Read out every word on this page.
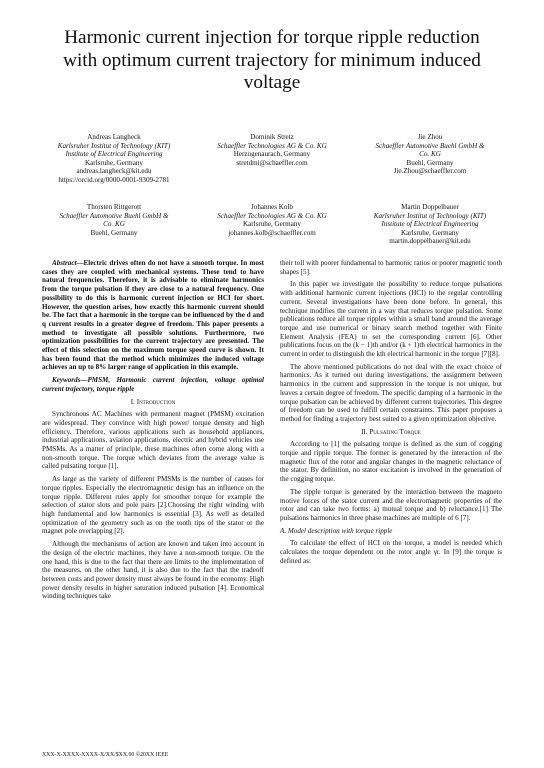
Harmonic current injection for torque ripple reduction with optimum current trajectory for minimum induced voltage
Andreas Langheck
Karlsruher Institut of Technology (KIT)
Institute of Electrical Engineering
Karlsruhe, Germany
andreas.langheck@kit.edu
https://orcid.org/0000-0001-9309-2781
Dominik Stretz
Schaeffler Technologies AG & Co. KG
Herzogenaurach, Germany
stretdmi@schaeffler.com
Jie Zhou
Schaeffler Automotive Buehl GmbH &
Co. KG
Buehl, Germany
Jie.Zhou@schaeffler.com
Thorsten Rittgerott
Schaeffler Automotive Buehl GmbH &
Co. KG
Buehl, Germany
Johannes Kolb
Schaeffler Technologies AG & Co. KG
Karlsruhe, Germany
johannes.kolb@schaeffler.com
Martin Doppelbauer
Karlsruher Institut of Technology (KIT)
Institute of Electrical Engineering
Karlsruhe, Germany
martin.doppelbauer@kit.edu

Abstract—Electric drives often do not have a smooth torque. In most cases they are coupled with mechanical systems. These tend to have natural frequencies. Therefore, it is advisable to eliminate harmonics from the torque pulsation if they are close to a natural frequency. One possibility to do this is harmonic current injection or HCI for short. However, the question arises, how exactly this harmonic current should be. The fact that a harmonic in the torque can be influenced by the d and q current results in a greater degree of freedom. This paper presents a method to investigate all possible solutions. Furthermore, two optimization possibilities for the current trajectory are presented. The effect of this selection on the maximum torque speed curve is shown. It has been found that the method which minimizes the induced voltage achieves an up to 8% larger range of application in this example.

Keywords—PMSM, Harmonic current injection, voltage optimal current trajectory, torque ripple

I. Introduction

Synchronous AC Machines with permanent magnet (PMSM) excitation are widespread. They convince with high power/ torque density and high efficiency. Therefore, various applications such as household appliances, industrial applications, aviation applications, electric and hybrid vehicles use PMSMs. As a matter of principle, these machines often come along with a non-smooth torque. The torque which deviates from the average value is called pulsating torque [1].

As large as the variety of different PMSMs is the number of causes for torque ripples. Especially the electromagnetic design has an influence on the torque ripple. Different rules apply for smoother torque for example the selection of stator slots and pole pairs [2].Choosing the right winding with high fundamental and low harmonics is essential [3]. As well as detailed optimization of the geometry such as on the tooth tips of the stator or the magnet pole overlapping [2].

Although the mechanisms of action are known and taken into account in the design of the electric machines, they have a non-smooth torque. On the one hand, this is due to the fact that there are limits to the implementation of the measures, on the other hand, it is also due to the fact that the tradeoff between costs and power density must always be found in the economy. High power density results in higher saturation induced pulsation [4]. Economical winding techniques take

their toll with poorer fundamental to harmonic ratios or poorer magnetic tooth shapes [5].

In this paper we investigate the possibility to reduce torque pulsations with additional harmonic current injections (HCI) to the regular controlling current. Several investigations have been done before. In general, this technique modifies the current in a way that reduces torque pulsation. Some publications reduce all torque ripples within a small band around the average torque and use numerical or binary search method together with Finite Element Analysis (FEA) to set the corresponding current [6]. Other publications focus on the (k − 1)th and/or (k + 1)th electrical harmonics in the current in order to distinguish the kth electrical harmonic in the torque [7][8].

The above mentioned publications do not deal with the exact choice of harmonics. As it turned out during investigations, the assignment between harmonics in the current and suppression in the torque is not unique, but leaves a certain degree of freedom. The specific damping of a harmonic in the torque pulsation can be achieved by different current trajectories. This degree of freedom can be used to fulfill certain constraints. This paper proposes a method for finding a trajectory best suited to a given optimization objective.

II. Pulsating Torque

According to [1] the pulsating torque is defined as the sum of cogging torque and ripple torque. The former is generated by the interaction of the magnetic flux of the rotor and angular changes in the magnetic reluctance of the stator. By definition, no stator excitation is involved in the generation of the cogging torque.

The ripple torque is generated by the interaction between the magneto motive forces of the stator current and the electromagnetic properties of the rotor and can take two forms: a) mutual torque and b) reluctance.[1] The pulsations harmonics in three phase machines are multiple of 6 [7].

A. Model description with torque ripple

To calculate the effect of HCI on the torque, a model is needed which calculates the torque dependent on the rotor angle γr. In [9] the torque is defined as:

XXX-X-XXXX-XXXX-X/XX/$XX.00 ©20XX IEEE
